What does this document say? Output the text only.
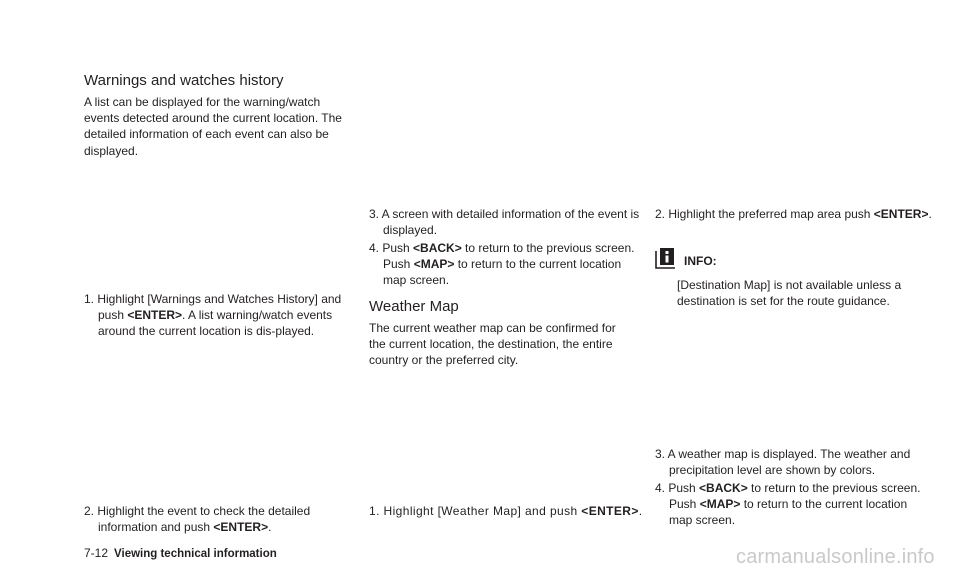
Warnings and watches history

A list can be displayed for the warning/watch events detected around the current location. The detailed information of each event can also be displayed.

1. Highlight [Warnings and Watches History] and push <ENTER>. A list warning/watch events around the current location is dis-played.

2. Highlight the event to check the detailed information and push <ENTER>.

3. A screen with detailed information of the event is displayed.

4. Push <BACK> to return to the previous screen. Push <MAP> to return to the current location map screen.

Weather Map

The current weather map can be confirmed for the current location, the destination, the entire country or the preferred city.

1. Highlight [Weather Map] and push <ENTER>.

2. Highlight the preferred map area push <ENTER>.

INFO:

[Destination Map] is not available unless a destination is set for the route guidance.

3. A weather map is displayed. The weather and precipitation level are shown by colors.

4. Push <BACK> to return to the previous screen. Push <MAP> to return to the current location map screen.

7-12 Viewing technical information	carmanualsonline.info
